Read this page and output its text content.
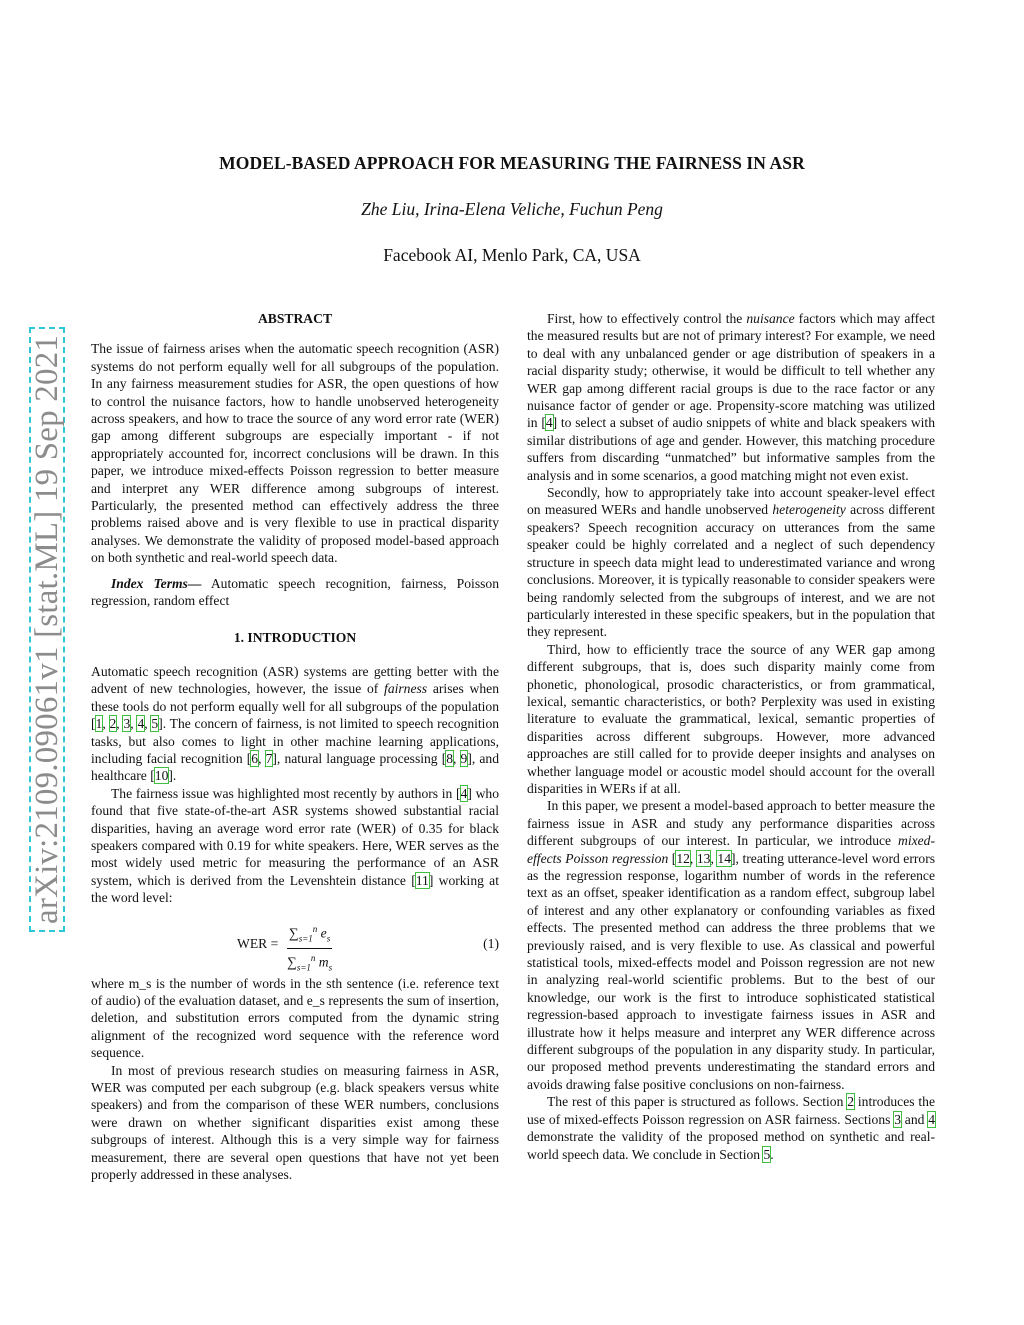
MODEL-BASED APPROACH FOR MEASURING THE FAIRNESS IN ASR
Zhe Liu, Irina-Elena Veliche, Fuchun Peng
Facebook AI, Menlo Park, CA, USA
arXiv:2109.09061v1 [stat.ML] 19 Sep 2021

ABSTRACT

The issue of fairness arises when the automatic speech recognition (ASR) systems do not perform equally well for all subgroups of the population. In any fairness measurement studies for ASR, the open questions of how to control the nuisance factors, how to handle unobserved heterogeneity across speakers, and how to trace the source of any word error rate (WER) gap among different subgroups are especially important - if not appropriately accounted for, incorrect conclusions will be drawn. In this paper, we introduce mixed-effects Poisson regression to better measure and interpret any WER difference among subgroups of interest. Particularly, the presented method can effectively address the three problems raised above and is very flexible to use in practical disparity analyses. We demonstrate the validity of proposed model-based approach on both synthetic and real-world speech data.

Index Terms— Automatic speech recognition, fairness, Poisson regression, random effect

1. INTRODUCTION

Automatic speech recognition (ASR) systems are getting better with the advent of new technologies, however, the issue of fairness arises when these tools do not perform equally well for all subgroups of the population [1, 2, 3, 4, 5]. The concern of fairness, is not limited to speech recognition tasks, but also comes to light in other machine learning applications, including facial recognition [6, 7], natural language processing [8, 9], and healthcare [10].

The fairness issue was highlighted most recently by authors in [4] who found that five state-of-the-art ASR systems showed substantial racial disparities, having an average word error rate (WER) of 0.35 for black speakers compared with 0.19 for white speakers. Here, WER serves as the most widely used metric for measuring the performance of an ASR system, which is derived from the Levenshtein distance [11] working at the word level:

WER = $\frac{\sum_{s=1}^n e_s}{\sum_{s=1}^n m_s}$	(1)

where m_s is the number of words in the sth sentence (i.e. reference text of audio) of the evaluation dataset, and e_s represents the sum of insertion, deletion, and substitution errors computed from the dynamic string alignment of the recognized word sequence with the reference word sequence.

In most of previous research studies on measuring fairness in ASR, WER was computed per each subgroup (e.g. black speakers versus white speakers) and from the comparison of these WER numbers, conclusions were drawn on whether significant disparities exist among these subgroups of interest. Although this is a very simple way for fairness measurement, there are several open questions that have not yet been properly addressed in these analyses.

First, how to effectively control the nuisance factors which may affect the measured results but are not of primary interest? For example, we need to deal with any unbalanced gender or age distribution of speakers in a racial disparity study; otherwise, it would be difficult to tell whether any WER gap among different racial groups is due to the race factor or any nuisance factor of gender or age. Propensity-score matching was utilized in [4] to select a subset of audio snippets of white and black speakers with similar distributions of age and gender. However, this matching procedure suffers from discarding “unmatched” but informative samples from the analysis and in some scenarios, a good matching might not even exist.

Secondly, how to appropriately take into account speaker-level effect on measured WERs and handle unobserved heterogeneity across different speakers? Speech recognition accuracy on utterances from the same speaker could be highly correlated and a neglect of such dependency structure in speech data might lead to underestimated variance and wrong conclusions. Moreover, it is typically reasonable to consider speakers were being randomly selected from the subgroups of interest, and we are not particularly interested in these specific speakers, but in the population that they represent.

Third, how to efficiently trace the source of any WER gap among different subgroups, that is, does such disparity mainly come from phonetic, phonological, prosodic characteristics, or from grammatical, lexical, semantic characteristics, or both? Perplexity was used in existing literature to evaluate the grammatical, lexical, semantic properties of disparities across different subgroups. However, more advanced approaches are still called for to provide deeper insights and analyses on whether language model or acoustic model should account for the overall disparities in WERs if at all.

In this paper, we present a model-based approach to better measure the fairness issue in ASR and study any performance disparities across different subgroups of our interest. In particular, we introduce mixed-effects Poisson regression [12, 13, 14], treating utterance-level word errors as the regression response, logarithm number of words in the reference text as an offset, speaker identification as a random effect, subgroup label of interest and any other explanatory or confounding variables as fixed effects. The presented method can address the three problems that we previously raised, and is very flexible to use. As classical and powerful statistical tools, mixed-effects model and Poisson regression are not new in analyzing real-world scientific problems. But to the best of our knowledge, our work is the first to introduce sophisticated statistical regression-based approach to investigate fairness issues in ASR and illustrate how it helps measure and interpret any WER difference across different subgroups of the population in any disparity study. In particular, our proposed method prevents underestimating the standard errors and avoids drawing false positive conclusions on non-fairness.

The rest of this paper is structured as follows. Section 2 introduces the use of mixed-effects Poisson regression on ASR fairness. Sections 3 and 4 demonstrate the validity of the proposed method on synthetic and real-world speech data. We conclude in Section 5.
